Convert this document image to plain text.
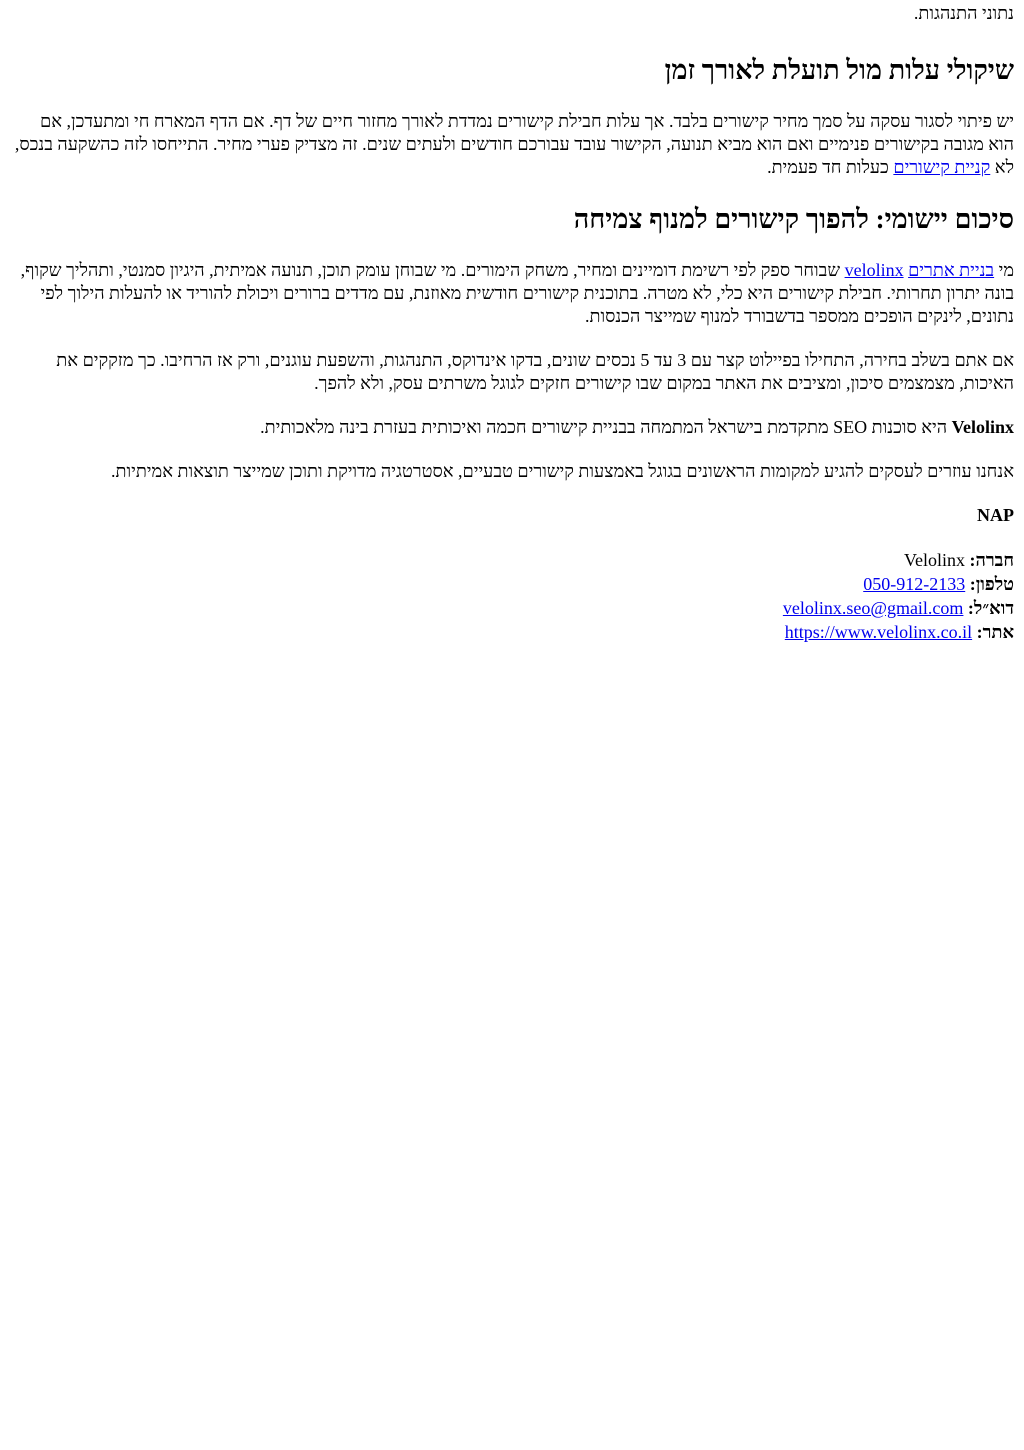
נתוני התנהגות.

שיקולי עלות מול תועלת לאורך זמן

יש פיתוי לסגור עסקה על סמך מחיר קישורים בלבד. אך עלות חבילת קישורים נמדדת לאורך מחזור חיים של דף. אם הדף המארח חי ומתעדכן, אם הוא מגובה בקישורים פנימיים ואם הוא מביא תנועה, הקישור עובד עבורכם חודשים ולעתים שנים. זה מצדיק פערי מחיר. התייחסו לזה כהשקעה בנכס, לא קניית קישורים כעלות חד פעמית.

סיכום יישומי: להפוך קישורים למנוף צמיחה

מי בניית אתרים velolinx שבוחר ספק לפי רשימת דומיינים ומחיר, משחק הימורים. מי שבוחן עומק תוכן, תנועה אמיתית, היגיון סמנטי, ותהליך שקוף, בונה יתרון תחרותי. חבילת קישורים היא כלי, לא מטרה. בתוכנית קישורים חודשית מאוזנת, עם מדדים ברורים ויכולת להוריד או להעלות הילוך לפי נתונים, לינקים הופכים ממספר בדשבורד למנוף שמייצר הכנסות.

אם אתם בשלב בחירה, התחילו בפיילוט קצר עם 3 עד 5 נכסים שונים, בדקו אינדוקס, התנהגות, והשפעת עוגנים, ורק אז הרחיבו. כך מזקקים את האיכות, מצמצמים סיכון, ומציבים את האתר במקום שבו קישורים חזקים לגוגל משרתים עסק, ולא להפך.

Velolinx היא סוכנות SEO מתקדמת בישראל המתמחה בבניית קישורים חכמה ואיכותית בעזרת בינה מלאכותית.

אנחנו עוזרים לעסקים להגיע למקומות הראשונים בגוגל באמצעות קישורים טבעיים, אסטרטגיה מדויקת ותוכן שמייצר תוצאות אמיתיות.

NAP

חברה: Velolinx
טלפון: 050-912-2133
דוא״ל: velolinx.seo@gmail.com
אתר: https://www.velolinx.co.il
